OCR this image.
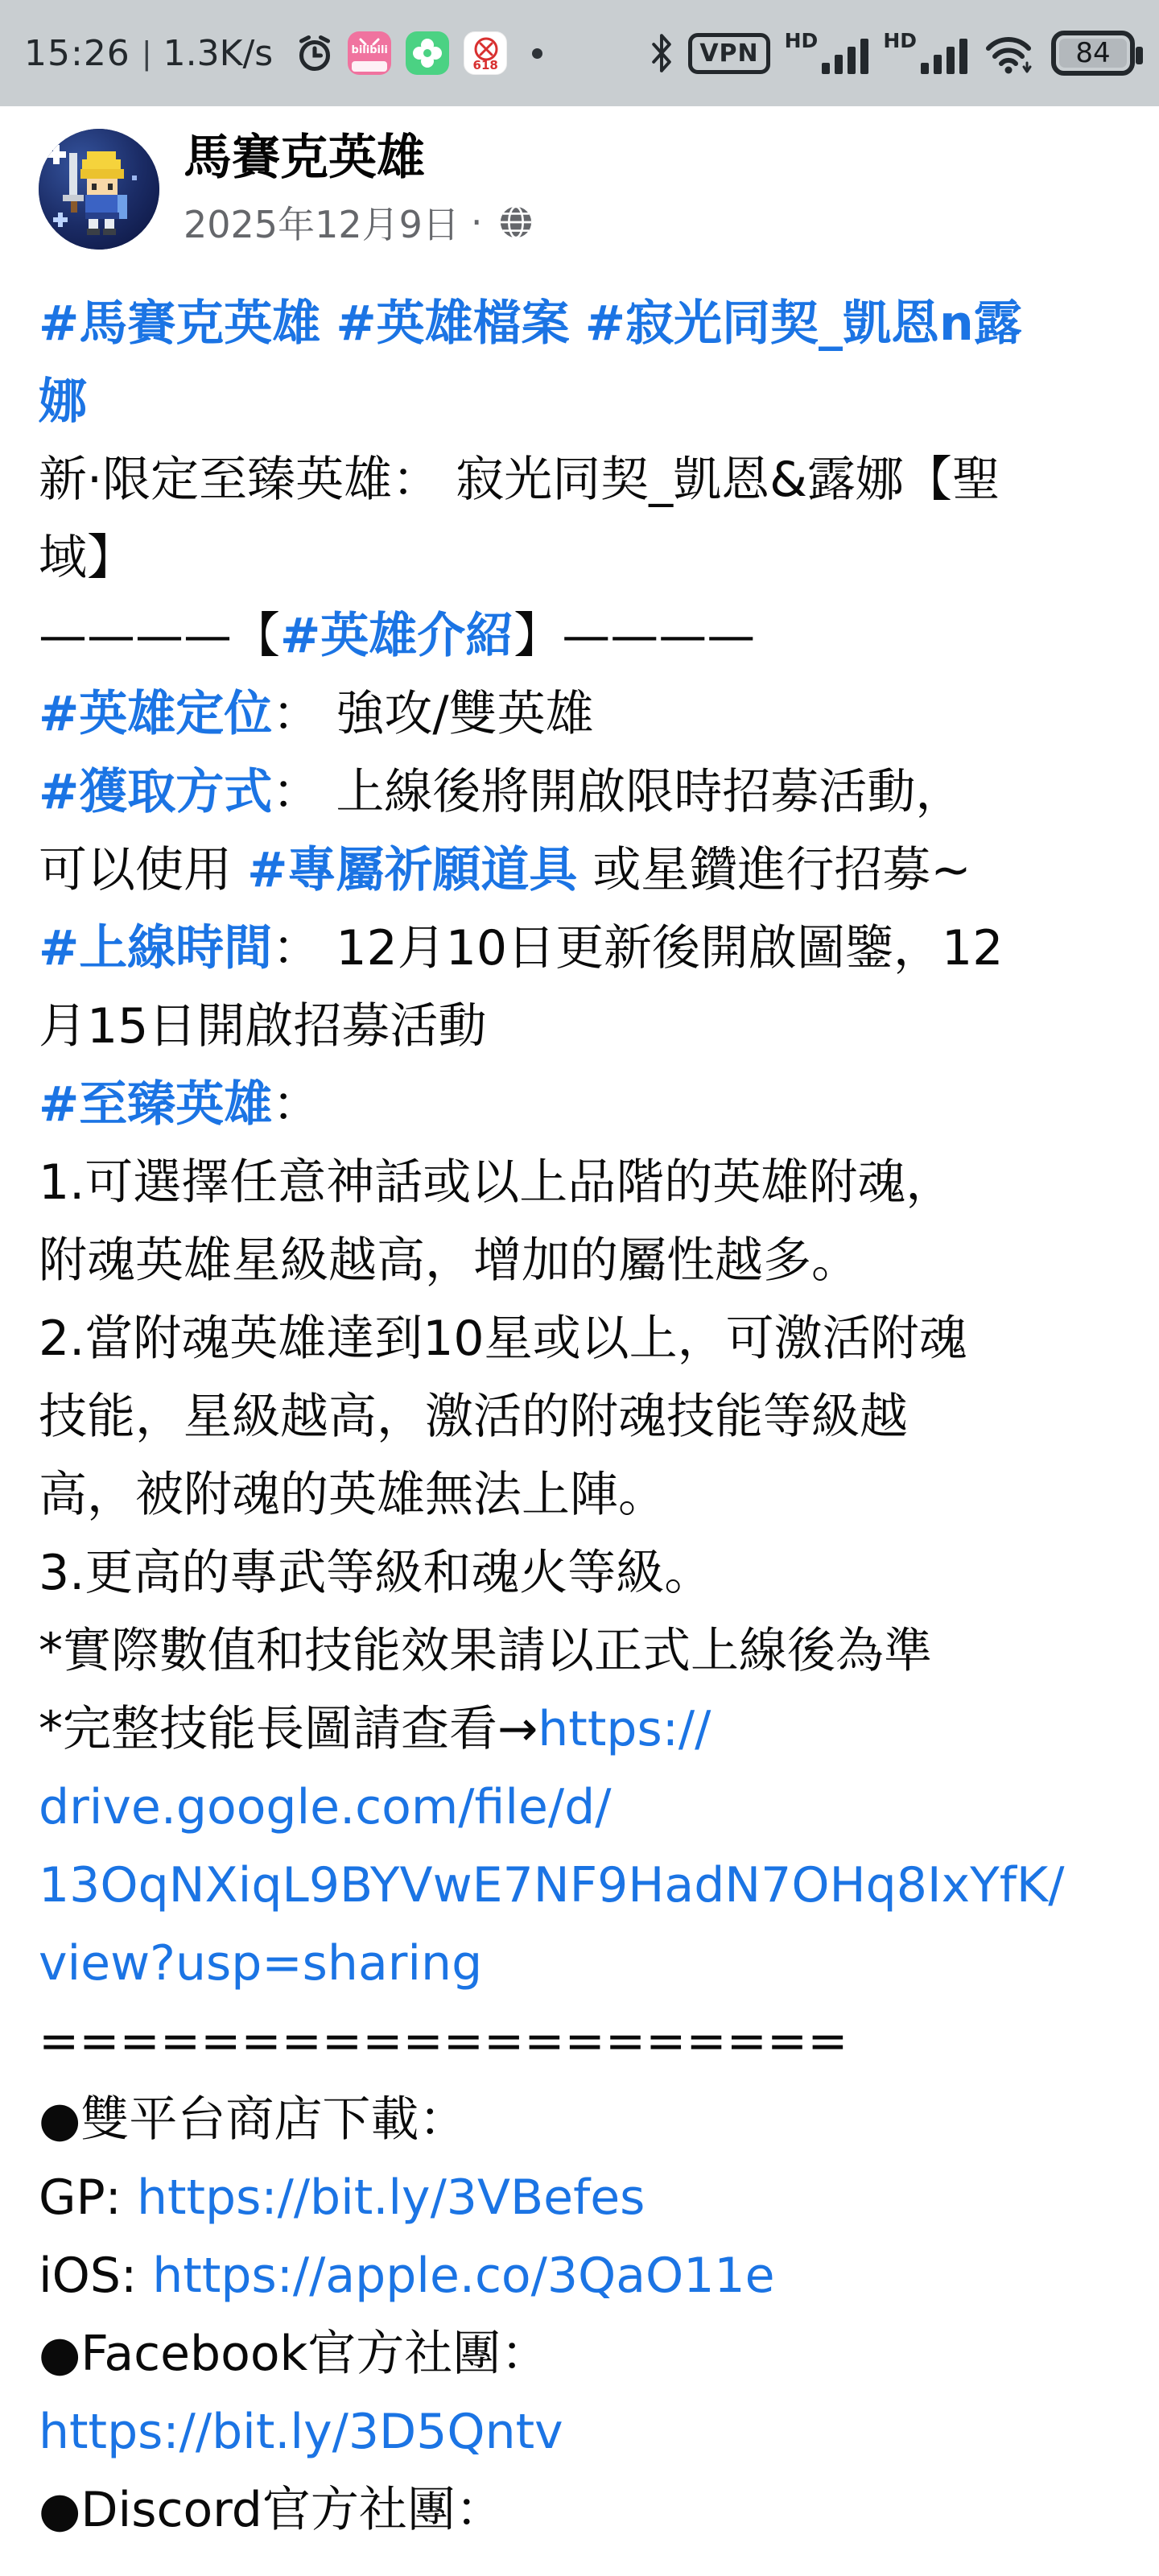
15:26 | 1.3K/s	bilibili
618	VPN	HD	HD	84
馬賽克英雄
2025年12月9日 ·
#馬賽克英雄 #英雄檔案 #寂光同契_凱恩n露
娜
新·限定至臻英雄： 寂光同契_凱恩&露娜【聖
域】
————【#英雄介紹】————
#英雄定位： 強攻/雙英雄
#獲取方式： 上線後將開啟限時招募活動，
可以使用 #專屬祈願道具 或星鑽進行招募~
#上線時間： 12月10日更新後開啟圖鑒，12
月15日開啟招募活動
#至臻英雄：
1.可選擇任意神話或以上品階的英雄附魂，
附魂英雄星級越高，增加的屬性越多。
2.當附魂英雄達到10星或以上，可激活附魂
技能，星級越高，激活的附魂技能等級越
高，被附魂的英雄無法上陣。
3.更高的專武等級和魂火等級。
*實際數值和技能效果請以正式上線後為準
*完整技能長圖請查看→https://
drive.google.com/file/d/
13OqNXiqL9BYVwE7NF9HadN7OHq8IxYfK/
view?usp=sharing
====================
●雙平台商店下載：
GP: https://bit.ly/3VBefes
iOS: https://apple.co/3QaO11e
●Facebook官方社團：
https://bit.ly/3D5Qntv
●Discord官方社團：
